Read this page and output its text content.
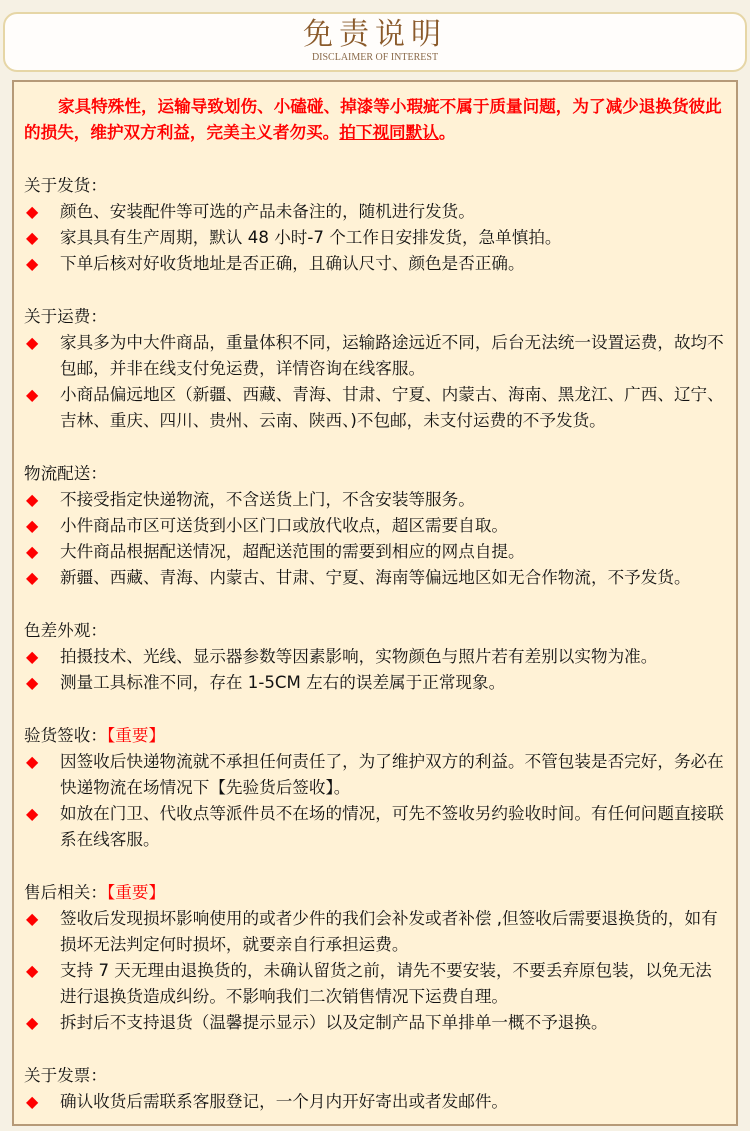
免责说明
DISCLAIMER OF INTEREST
家具特殊性，运输导致划伤、小磕碰、掉漆等小瑕疵不属于质量问题，为了减少退换货彼此的损失，维护双方利益，完美主义者勿买。拍下视同默认。
关于发货：
◆ 颜色、安装配件等可选的产品未备注的，随机进行发货。
◆ 家具具有生产周期，默认 48 小时-7 个工作日安排发货，急单慎拍。
◆ 下单后核对好收货地址是否正确，且确认尺寸、颜色是否正确。
关于运费：
◆ 家具多为中大件商品，重量体积不同，运输路途远近不同，后台无法统一设置运费，故均不包邮，并非在线支付免运费，详情咨询在线客服。
◆ 小商品偏远地区（新疆、西藏、青海、甘肃、宁夏、内蒙古、海南、黑龙江、广西、辽宁、吉林、重庆、四川、贵州、云南、陕西、)不包邮，未支付运费的不予发货。
物流配送：
◆ 不接受指定快递物流，不含送货上门，不含安装等服务。
◆ 小件商品市区可送货到小区门口或放代收点，超区需要自取。
◆ 大件商品根据配送情况，超配送范围的需要到相应的网点自提。
◆ 新疆、西藏、青海、内蒙古、甘肃、宁夏、海南等偏远地区如无合作物流，不予发货。
色差外观：
◆ 拍摄技术、光线、显示器参数等因素影响，实物颜色与照片若有差别以实物为准。
◆ 测量工具标准不同，存在 1-5CM 左右的误差属于正常现象。
验货签收：【重要】
◆ 因签收后快递物流就不承担任何责任了，为了维护双方的利益。不管包装是否完好，务必在快递物流在场情况下【先验货后签收】。
◆ 如放在门卫、代收点等派件员不在场的情况，可先不签收另约验收时间。有任何问题直接联系在线客服。
售后相关：【重要】
◆ 签收后发现损坏影响使用的或者少件的我们会补发或者补偿 ,但签收后需要退换货的，如有损坏无法判定何时损坏，就要亲自行承担运费。
◆ 支持 7 天无理由退换货的，未确认留货之前，请先不要安装，不要丢弃原包装，以免无法进行退换货造成纠纷。不影响我们二次销售情况下运费自理。
◆ 拆封后不支持退货（温馨提示显示）以及定制产品下单排单一概不予退换。
关于发票：
◆ 确认收货后需联系客服登记，一个月内开好寄出或者发邮件。
